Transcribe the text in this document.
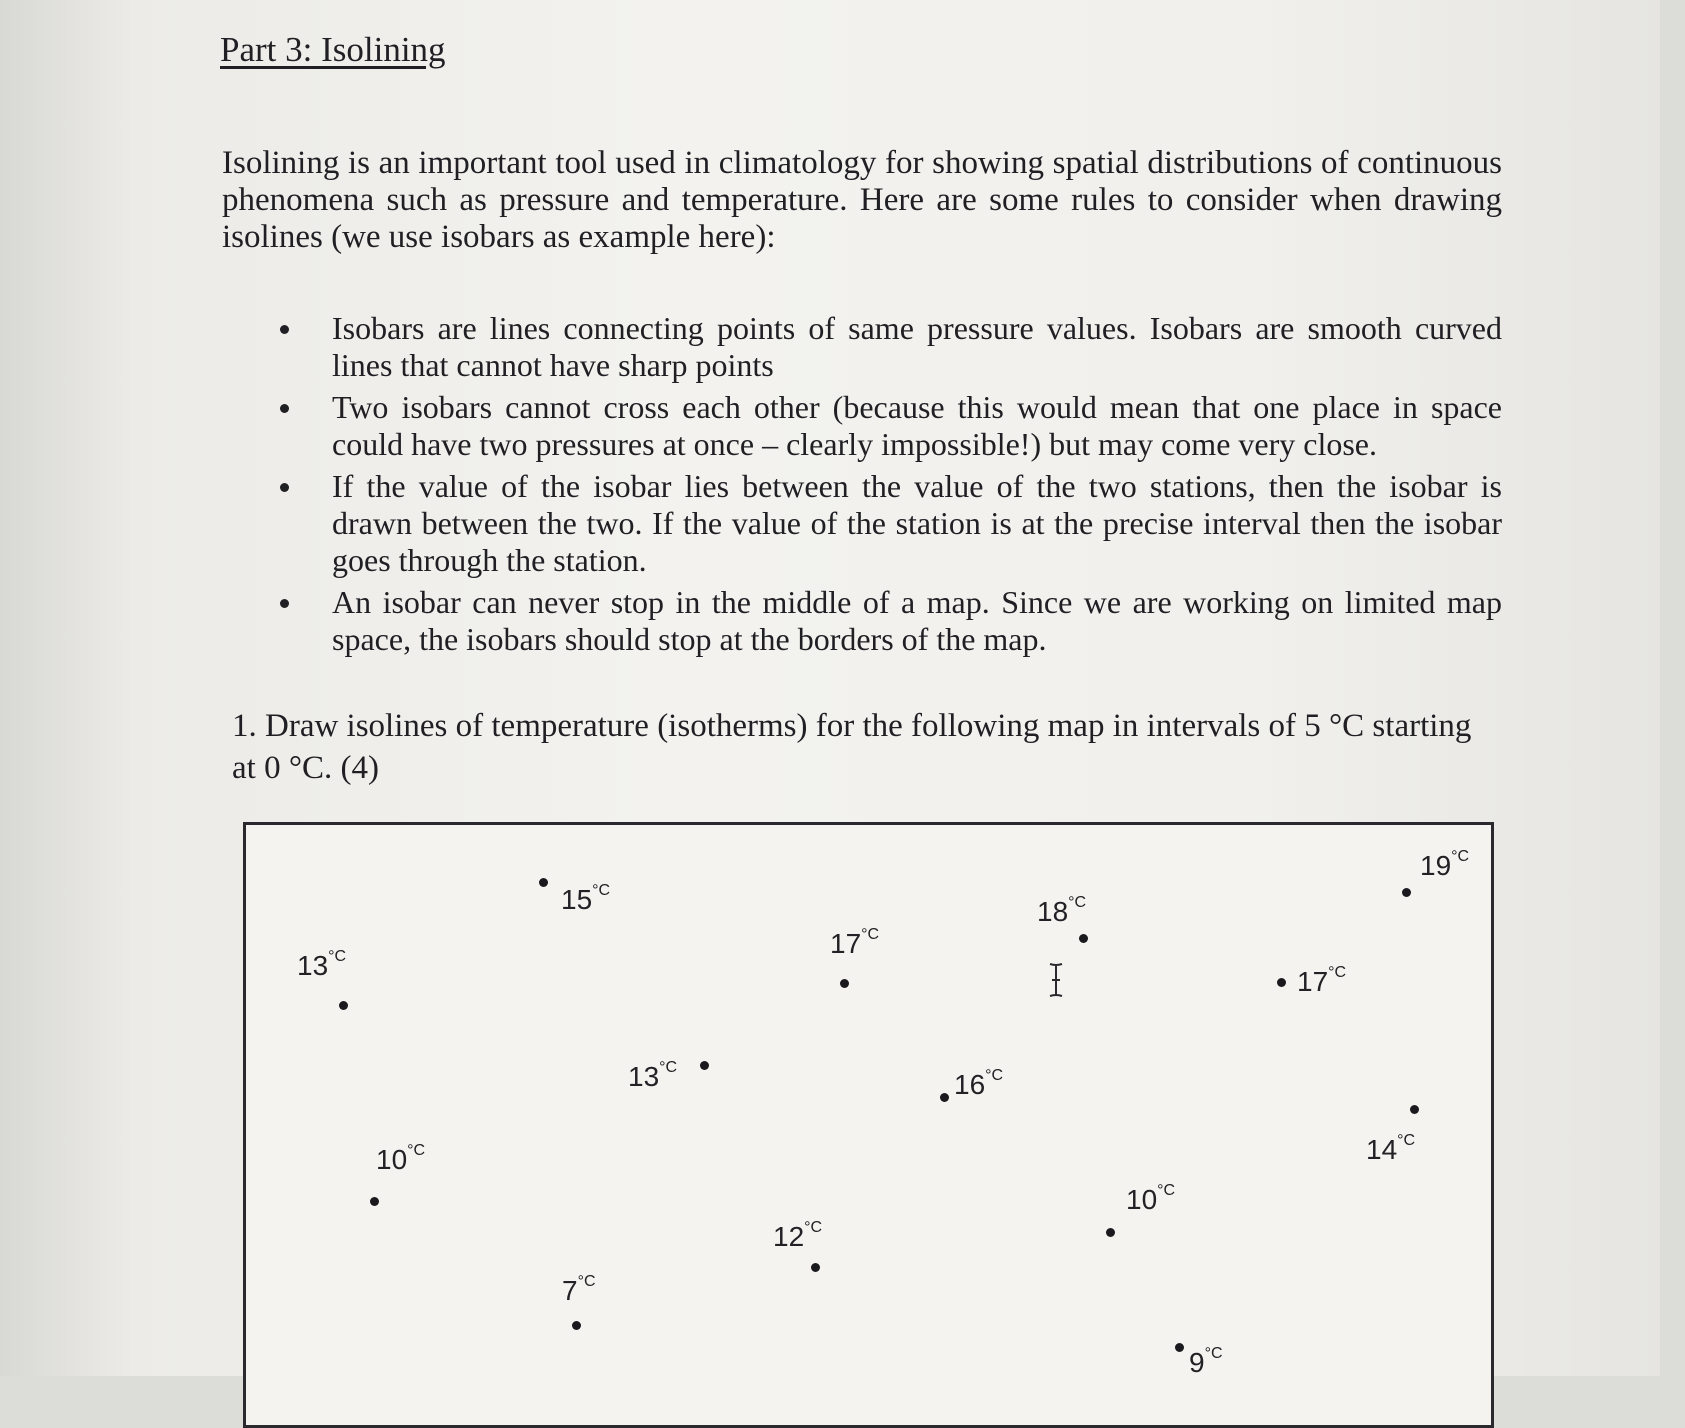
Part 3: Isolining

Isolining is an important tool used in climatology for showing spatial distributions of continuous phenomena such as pressure and temperature. Here are some rules to consider when drawing isolines (we use isobars as example here):

Isobars are lines connecting points of same pressure values. Isobars are smooth curved lines that cannot have sharp points
Two isobars cannot cross each other (because this would mean that one place in space could have two pressures at once – clearly impossible!) but may come very close.
If the value of the isobar lies between the value of the two stations, then the isobar is drawn between the two. If the value of the station is at the precise interval then the isobar goes through the station.
An isobar can never stop in the middle of a map. Since we are working on limited map space, the isobars should stop at the borders of the map.

1. Draw isolines of temperature (isotherms) for the following map in intervals of 5 °C starting at 0 °C. (4)

$13^{^\circ C}$
$15^{^\circ C}$
$17^{^\circ C}$
$18^{^\circ C}$
$19^{^\circ C}$
$17^{^\circ C}$
$13^{^\circ C}$
$16^{^\circ C}$
$14^{^\circ C}$
$10^{^\circ C}$
$10^{^\circ C}$
$12^{^\circ C}$
$7^{^\circ C}$
$9^{^\circ C}$
